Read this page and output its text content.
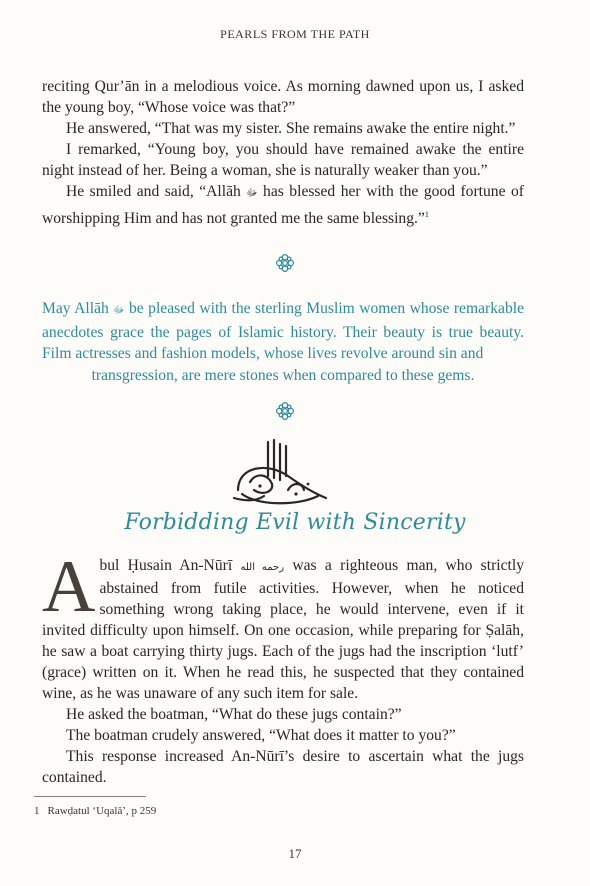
PEARLS FROM THE PATH

reciting Qur’ān in a melodious voice. As morning dawned upon us, I asked the young boy, “Whose voice was that?”

He answered, “That was my sister. She remains awake the entire night.”

I remarked, “Young boy, you should have remained awake the entire night instead of her. Being a woman, she is naturally weaker than you.”

He smiled and said, “Allāh ﷻ has blessed her with the good fortune of worshipping Him and has not granted me the same blessing.”$^1$

May Allāh ﷻ be pleased with the sterling Muslim women whose remarkable anecdotes grace the pages of Islamic history. Their beauty is true beauty. Film actresses and fashion models, whose lives revolve around sin and

transgression, are mere stones when compared to these gems.

Forbidding Evil with Sincerity

Abul Ḥusain An-Nūrī رحمه الله was a righteous man, who strictly abstained from futile activities. However, when he noticed something wrong taking place, he would intervene, even if it invited difficulty upon himself. On one occasion, while preparing for Ṣalāh, he saw a boat carrying thirty jugs. Each of the jugs had the inscription ‘lutf’ (grace) written on it. When he read this, he suspected that they contained wine, as he was unaware of any such item for sale.

He asked the boatman, “What do these jugs contain?”

The boatman crudely answered, “What does it matter to you?”

This response increased An-Nūrī’s desire to ascertain what the jugs contained.

1 Rawḍatul ‘Uqalā’, p 259
17
